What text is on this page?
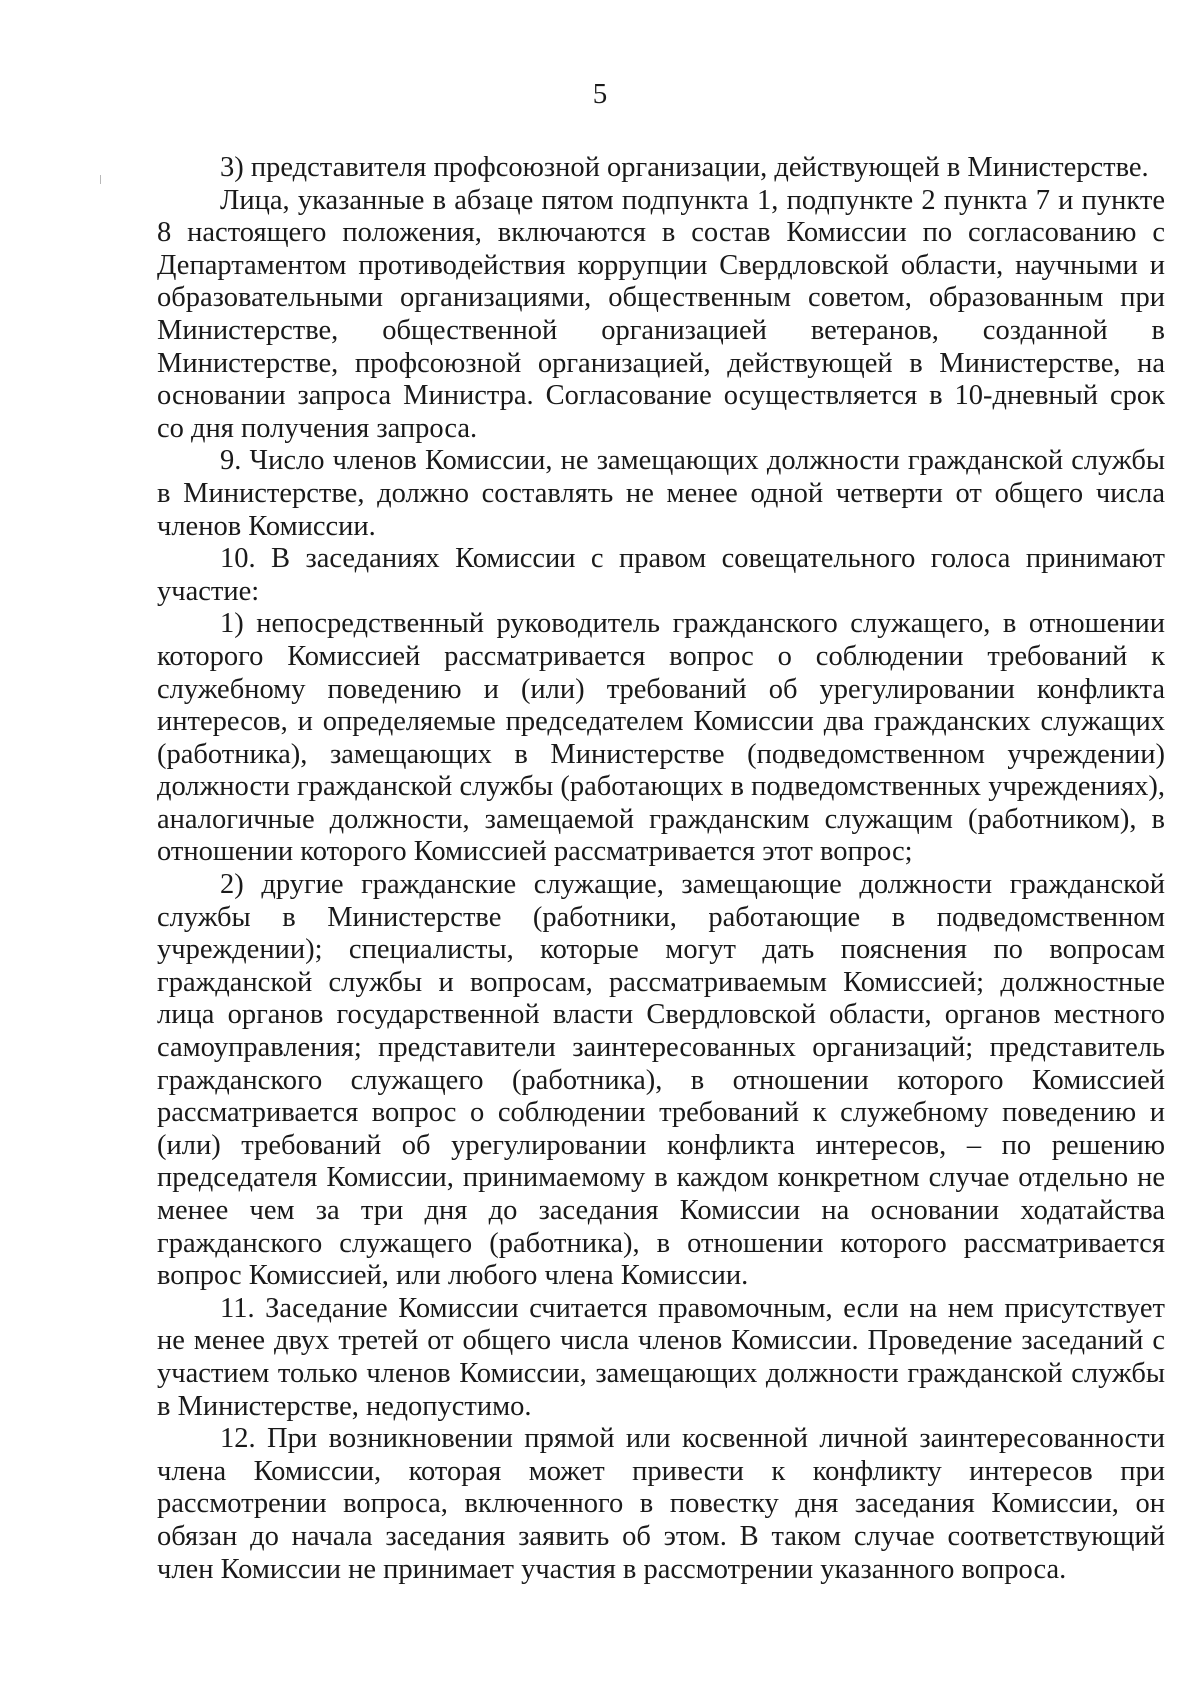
5

3) представителя профсоюзной организации, действующей в Министерстве.

Лица, указанные в абзаце пятом подпункта 1, подпункте 2 пункта 7 и пункте 8 настоящего положения, включаются в состав Комиссии по согласованию с Департаментом противодействия коррупции Свердловской области, научными и образовательными организациями, общественным советом, образованным при Министерстве, общественной организацией ветеранов, созданной в Министерстве, профсоюзной организацией, действующей в Министерстве, на основании запроса Министра. Согласование осуществляется в 10-дневный срок со дня получения запроса.

9. Число членов Комиссии, не замещающих должности гражданской службы в Министерстве, должно составлять не менее одной четверти от общего числа членов Комиссии.

10. В заседаниях Комиссии с правом совещательного голоса принимают участие:

1) непосредственный руководитель гражданского служащего, в отношении которого Комиссией рассматривается вопрос о соблюдении требований к служебному поведению и (или) требований об урегулировании конфликта интересов, и определяемые председателем Комиссии два гражданских служащих (работника), замещающих в Министерстве (подведомственном учреждении) должности гражданской службы (работающих в подведомственных учреждениях), аналогичные должности, замещаемой гражданским служащим (работником), в отношении которого Комиссией рассматривается этот вопрос;

2) другие гражданские служащие, замещающие должности гражданской службы в Министерстве (работники, работающие в подведомственном учреждении); специалисты, которые могут дать пояснения по вопросам гражданской службы и вопросам, рассматриваемым Комиссией; должностные лица органов государственной власти Свердловской области, органов местного самоуправления; представители заинтересованных организаций; представитель гражданского служащего (работника), в отношении которого Комиссией рассматривается вопрос о соблюдении требований к служебному поведению и (или) требований об урегулировании конфликта интересов, – по решению председателя Комиссии, принимаемому в каждом конкретном случае отдельно не менее чем за три дня до заседания Комиссии на основании ходатайства гражданского служащего (работника), в отношении которого рассматривается вопрос Комиссией, или любого члена Комиссии.

11. Заседание Комиссии считается правомочным, если на нем присутствует не менее двух третей от общего числа членов Комиссии. Проведение заседаний с участием только членов Комиссии, замещающих должности гражданской службы в Министерстве, недопустимо.

12. При возникновении прямой или косвенной личной заинтересованности члена Комиссии, которая может привести к конфликту интересов при рассмотрении вопроса, включенного в повестку дня заседания Комиссии, он обязан до начала заседания заявить об этом. В таком случае соответствующий член Комиссии не принимает участия в рассмотрении указанного вопроса.
